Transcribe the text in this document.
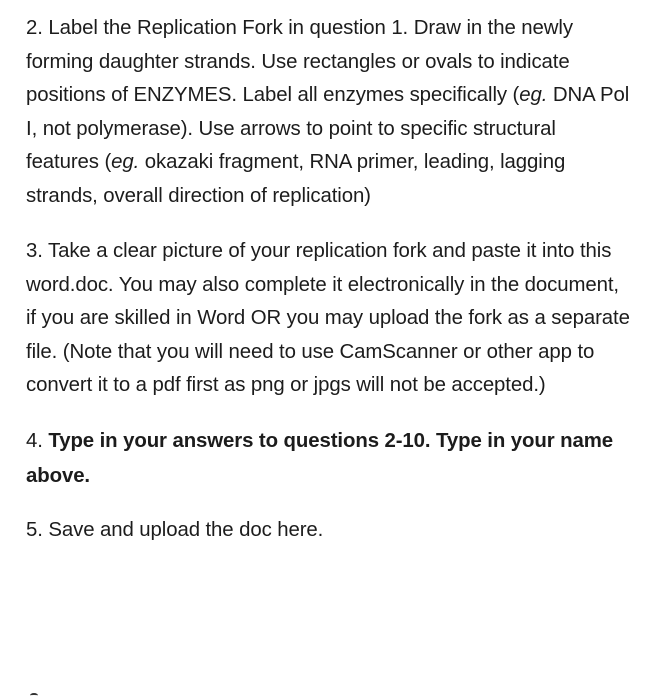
2. Label the Replication Fork in question 1. Draw in the newly forming daughter strands. Use rectangles or ovals to indicate positions of ENZYMES. Label all enzymes specifically (eg. DNA Pol I, not polymerase). Use arrows to point to specific structural features (eg. okazaki fragment, RNA primer, leading, lagging strands, overall direction of replication)

3. Take a clear picture of your replication fork and paste it into this word.doc. You may also complete it electronically in the document, if you are skilled in Word OR you may upload the fork as a separate file. (Note that you will need to use CamScanner or other app to convert it to a pdf first as png or jpgs will not be accepted.)

4. Type in your answers to questions 2-10. Type in your name above.

5. Save and upload the doc here.
